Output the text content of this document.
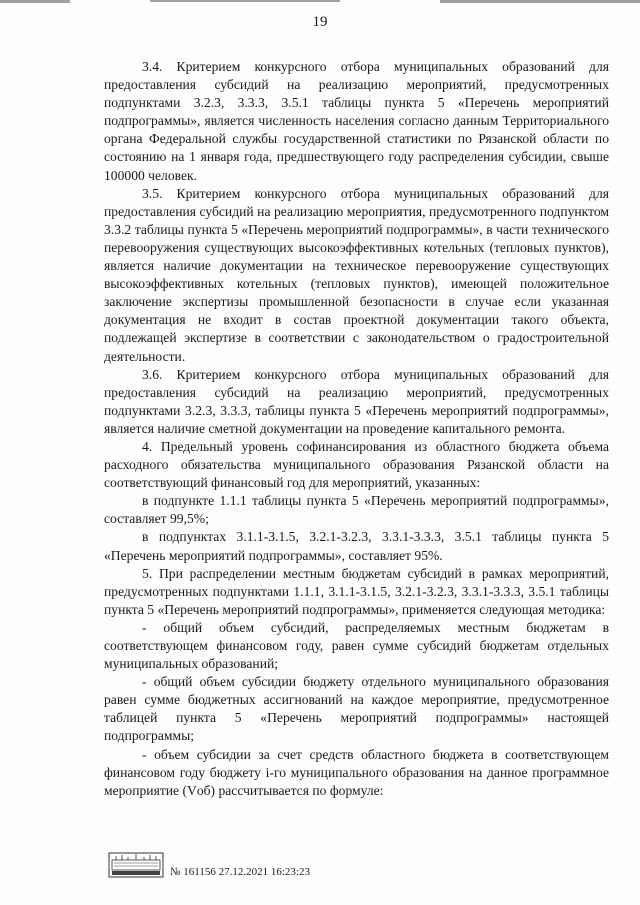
19

3.4. Критерием конкурсного отбора муниципальных образований для предоставления субсидий на реализацию мероприятий, предусмотренных подпунктами 3.2.3, 3.3.3, 3.5.1 таблицы пункта 5 «Перечень мероприятий подпрограммы», является численность населения согласно данным Территориального органа Федеральной службы государственной статистики по Рязанской области по состоянию на 1 января года, предшествующего году распределения субсидии, свыше 100000 человек.

3.5. Критерием конкурсного отбора муниципальных образований для предоставления субсидий на реализацию мероприятия, предусмотренного подпунктом 3.3.2 таблицы пункта 5 «Перечень мероприятий подпрограммы», в части технического перевооружения существующих высокоэффективных котельных (тепловых пунктов), является наличие документации на техническое перевооружение существующих высокоэффективных котельных (тепловых пунктов), имеющей положительное заключение экспертизы промышленной безопасности в случае если указанная документация не входит в состав проектной документации такого объекта, подлежащей экспертизе в соответствии с законодательством о градостроительной деятельности.

3.6. Критерием конкурсного отбора муниципальных образований для предоставления субсидий на реализацию мероприятий, предусмотренных подпунктами 3.2.3, 3.3.3, таблицы пункта 5 «Перечень мероприятий подпрограммы», является наличие сметной документации на проведение капитального ремонта.

4. Предельный уровень софинансирования из областного бюджета объема расходного обязательства муниципального образования Рязанской области на соответствующий финансовый год для мероприятий, указанных:

в подпункте 1.1.1 таблицы пункта 5 «Перечень мероприятий подпрограммы», составляет 99,5%;

в подпунктах 3.1.1-3.1.5, 3.2.1-3.2.3, 3.3.1-3.3.3, 3.5.1 таблицы пункта 5 «Перечень мероприятий подпрограммы», составляет 95%.

5. При распределении местным бюджетам субсидий в рамках мероприятий, предусмотренных подпунктами 1.1.1, 3.1.1-3.1.5, 3.2.1-3.2.3, 3.3.1-3.3.3, 3.5.1 таблицы пункта 5 «Перечень мероприятий подпрограммы», применяется следующая методика:

- общий объем субсидий, распределяемых местным бюджетам в соответствующем финансовом году, равен сумме субсидий бюджетам отдельных муниципальных образований;

- общий объем субсидии бюджету отдельного муниципального образования равен сумме бюджетных ассигнований на каждое мероприятие, предусмотренное таблицей пункта 5 «Перечень мероприятий подпрограммы» настоящей подпрограммы;

- объем субсидии за счет средств областного бюджета в соответствующем финансовом году бюджету i-го муниципального образования на данное программное мероприятие (Vоб) рассчитывается по формуле:

№ 161156 27.12.2021 16:23:23
